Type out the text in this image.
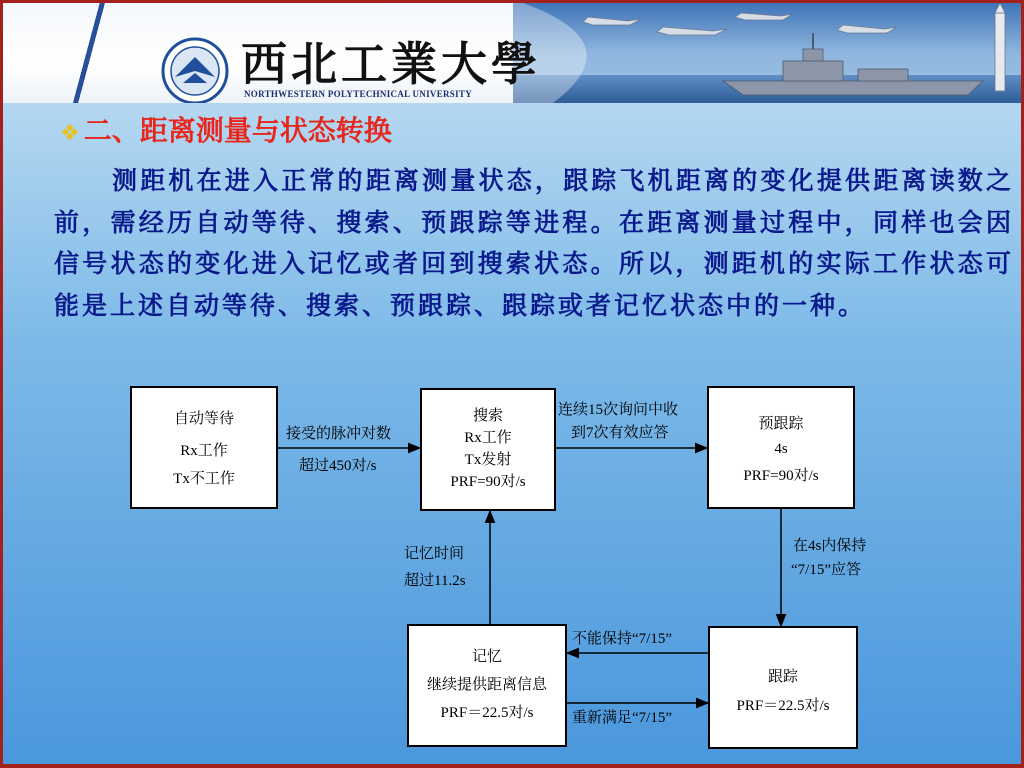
西北工業大學
NORTHWESTERN POLYTECHNICAL UNIVERSITY
❖ 二、距离测量与状态转换
测距机在进入正常的距离测量状态，跟踪飞机距离的变化提供距离读数之前，需经历自动等待、搜索、预跟踪等进程。在距离测量过程中，同样也会因信号状态的变化进入记忆或者回到搜索状态。所以，测距机的实际工作状态可能是上述自动等待、搜索、预跟踪、跟踪或者记忆状态中的一种。
自动等待
Rx工作
Tx不工作
搜索
Rx工作
Tx发射
PRF=90对/s
预跟踪
4s
PRF=90对/s
记忆
继续提供距离信息
PRF＝22.5对/s
跟踪
PRF＝22.5对/s
接受的脉冲对数
超过450对/s
连续15次询问中收
到7次有效应答
在4s内保持
“7/15”应答
不能保持“7/15”
重新满足“7/15”
记忆时间
超过11.2s
